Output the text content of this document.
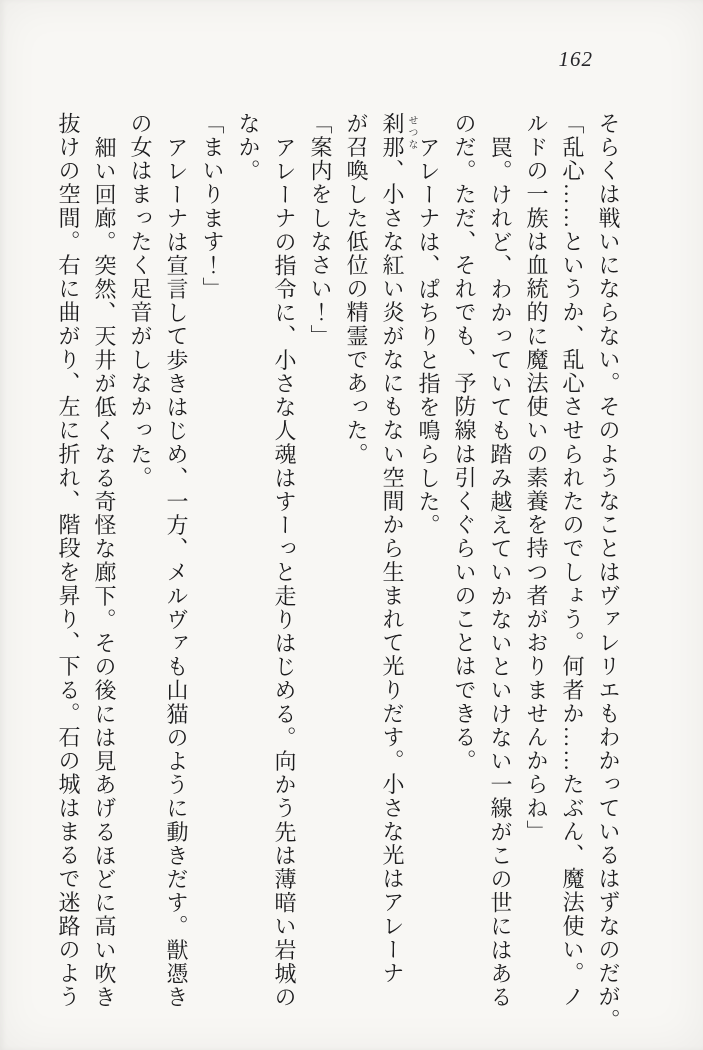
162
そらくは戦いにならない。そのようなことはヴァレリエもわかっているはずなのだが。
「乱心……というか、乱心させられたのでしょう。何者か……たぶん、魔法使い。ノ
ルドの一族は血統的に魔法使いの素養を持つ者がおりませんからね」
罠。けれど、わかっていても踏み越えていかないといけない一線がこの世にはある
のだ。ただ、それでも、予防線は引くぐらいのことはできる。
アレーナは、ぱちりと指を鳴らした。
刹那、小さな紅い炎がなにもない空間から生まれて光りだす。小さな光はアレーナ
が召喚した低位の精霊であった。
「案内をしなさい！」
アレーナの指令に、小さな人魂はすーっと走りはじめる。向かう先は薄暗い岩城の
なか。
「まいります！」
アレーナは宣言して歩きはじめ、一方、メルヴァも山猫のように動きだす。獣憑き
の女はまったく足音がしなかった。
細い回廊。突然、天井が低くなる奇怪な廊下。その後には見あげるほどに高い吹き
抜けの空間。右に曲がり、左に折れ、階段を昇り、下る。石の城はまるで迷路のよう	せつな
